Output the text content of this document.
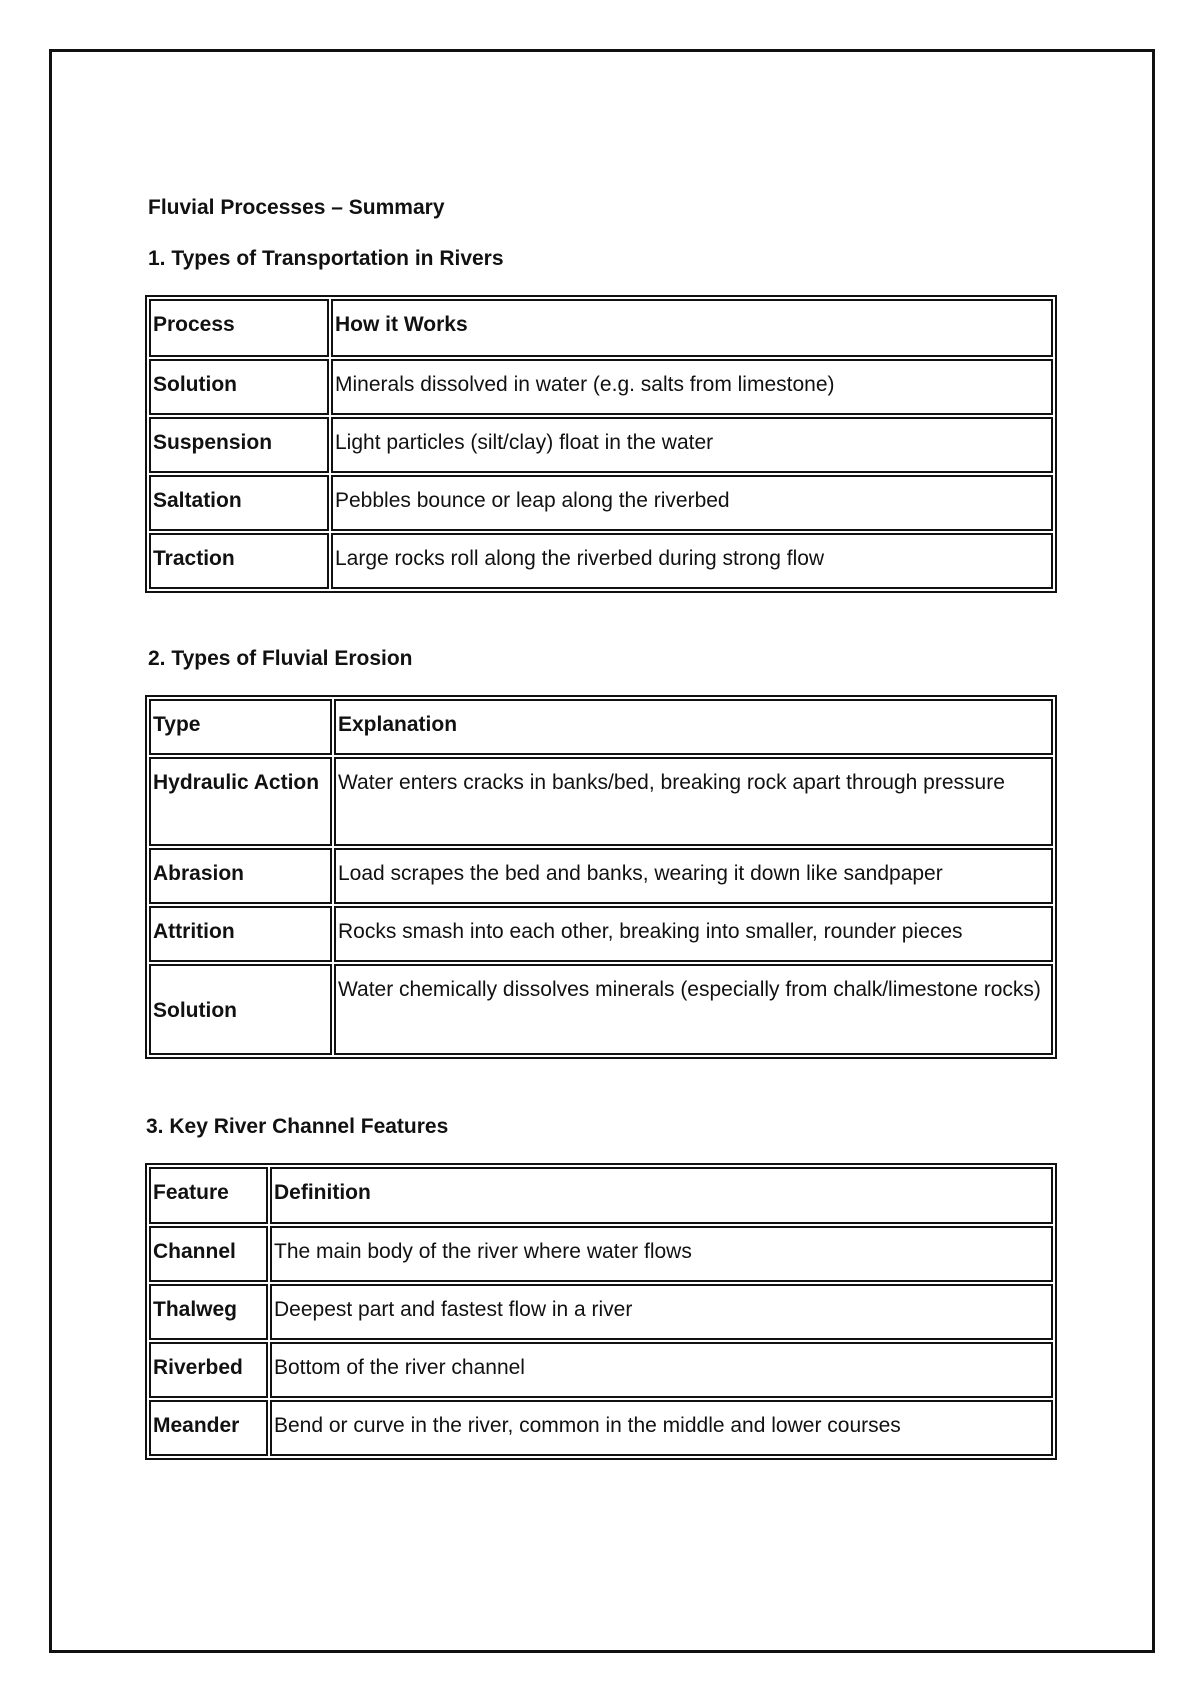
Fluvial Processes – Summary
1. Types of Transportation in Rivers
Process	How it Works
Solution	Minerals dissolved in water (e.g. salts from limestone)
Suspension	Light particles (silt/clay) float in the water
Saltation	Pebbles bounce or leap along the riverbed
Traction	Large rocks roll along the riverbed during strong flow
2. Types of Fluvial Erosion
Type	Explanation
Hydraulic Action	Water enters cracks in banks/bed, breaking rock apart through pressure
Abrasion	Load scrapes the bed and banks, wearing it down like sandpaper
Attrition	Rocks smash into each other, breaking into smaller, rounder pieces
Solution	Water chemically dissolves minerals (especially from chalk/limestone rocks)
3. Key River Channel Features
Feature	Definition
Channel	The main body of the river where water flows
Thalweg	Deepest part and fastest flow in a river
Riverbed	Bottom of the river channel
Meander	Bend or curve in the river, common in the middle and lower courses
